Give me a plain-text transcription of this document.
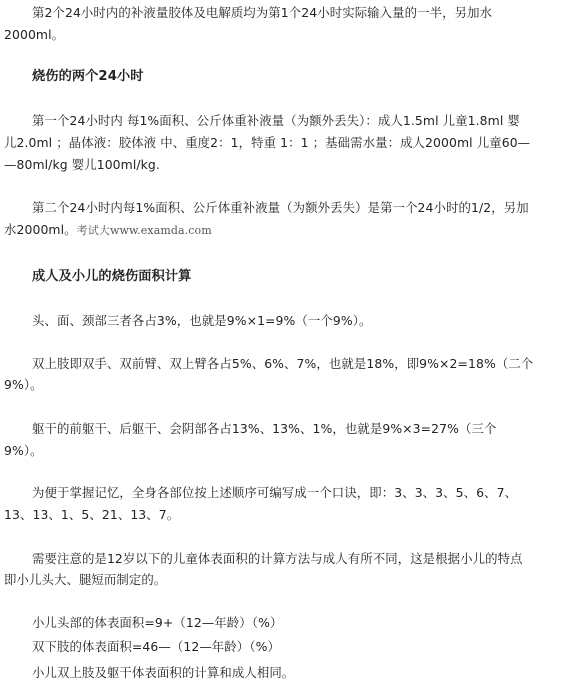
第2个24小时内的补液量胶体及电解质均为第1个24小时实际输入量的一半，另加水
2000ml。
烧伤的两个24小时
第一个24小时内 每1%面积、公斤体重补液量（为额外丢失）：成人1.5ml 儿童1.8ml 婴
儿2.0ml ；晶体液：胶体液 中、重度2：1，特重 1：1 ；基础需水量：成人2000ml 儿童60—
—80ml/kg 婴儿100ml/kg.
第二个24小时内每1%面积、公斤体重补液量（为额外丢失）是第一个24小时的1/2，另加
水2000ml。考试大www.examda.com
成人及小儿的烧伤面积计算
头、面、颈部三者各占3%，也就是9%×1=9%（一个9%）。
双上肢即双手、双前臂、双上臂各占5%、6%、7%，也就是18%，即9%×2=18%（二个
9%）。
躯干的前躯干、后躯干、会阴部各占13%、13%、1%，也就是9%×3=27%（三个
9%）。
为便于掌握记忆，全身各部位按上述顺序可编写成一个口诀，即：3、3、3、5、6、7、
13、13、1、5、21、13、7。
需要注意的是12岁以下的儿童体表面积的计算方法与成人有所不同，这是根据小儿的特点
即小儿头大、腿短而制定的。
小儿头部的体表面积=9+（12—年龄）（%）
双下肢的体表面积=46—（12—年龄）（%）
小儿双上肢及躯干体表面积的计算和成人相同。
